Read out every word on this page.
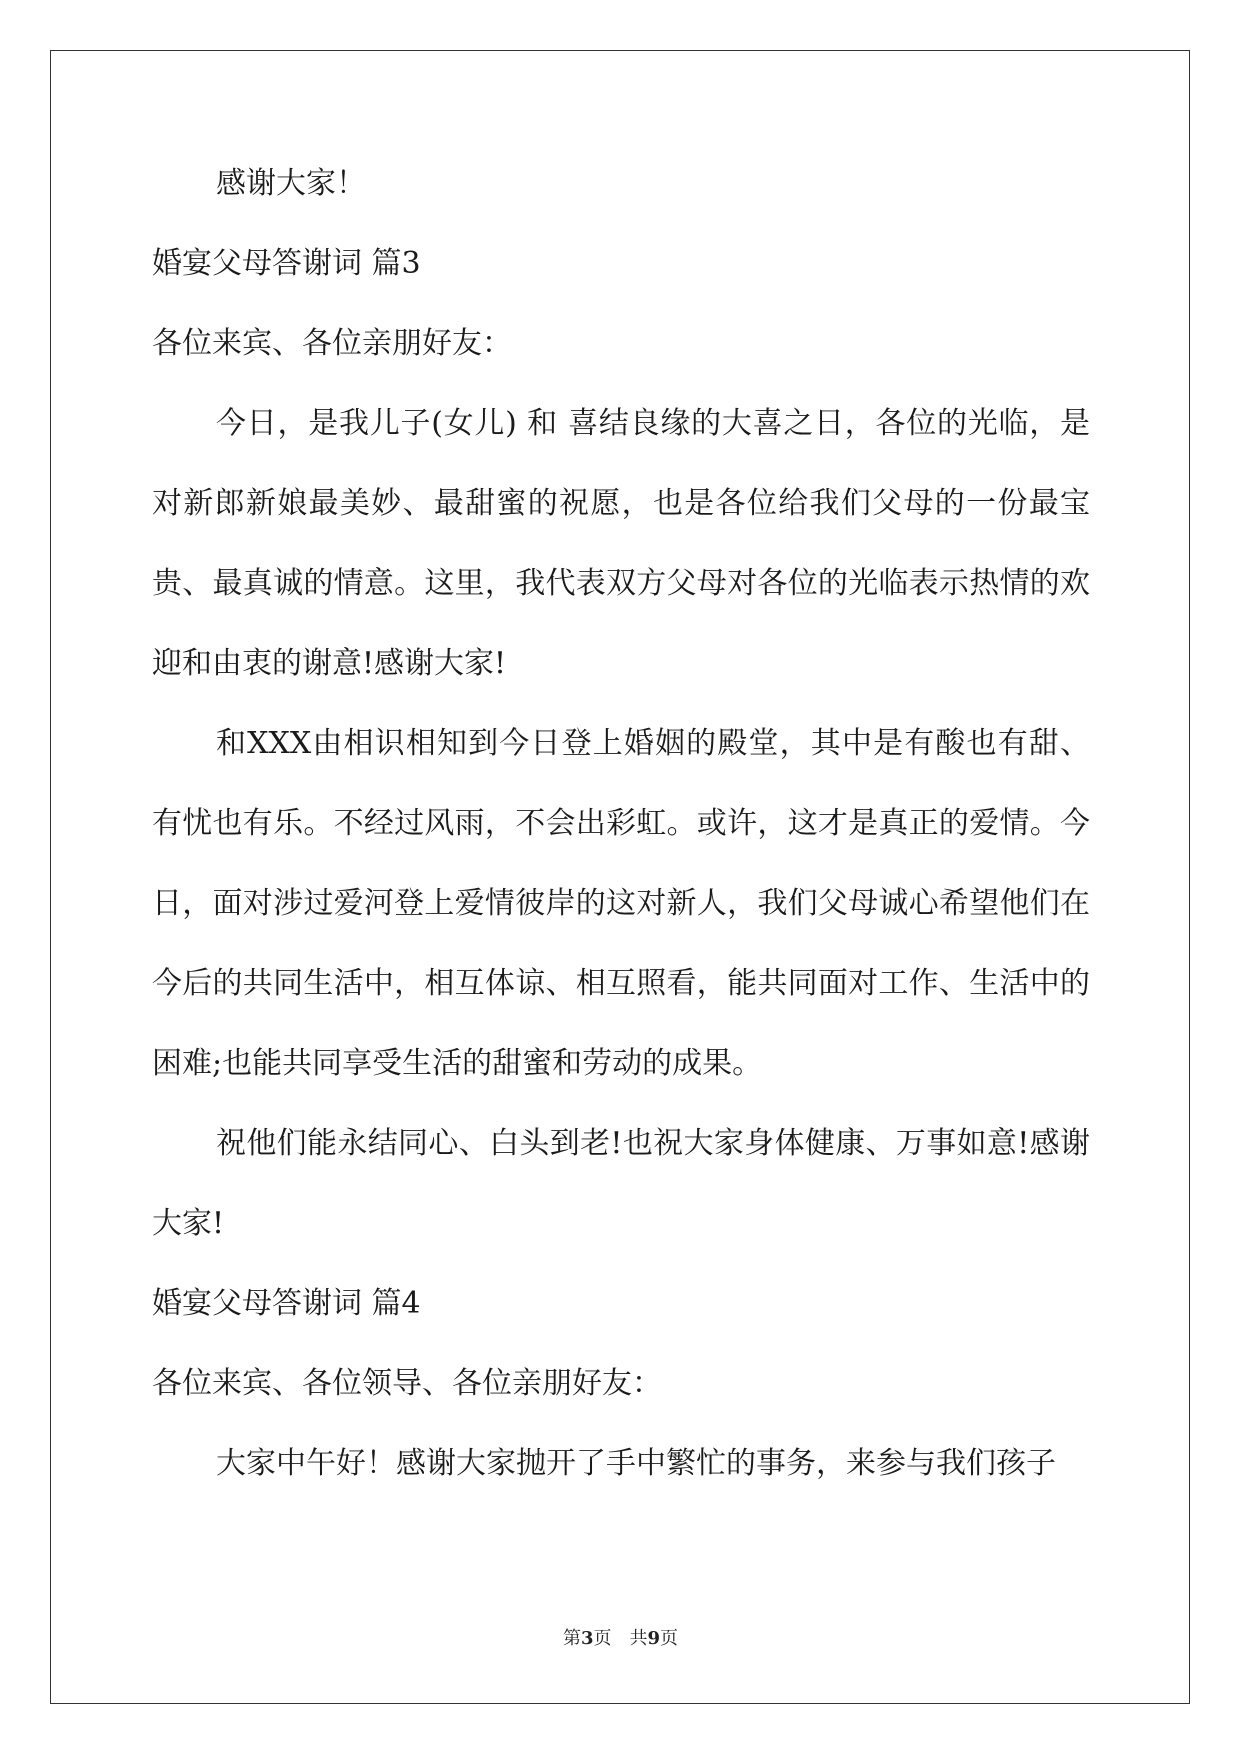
感谢大家！

婚宴父母答谢词 篇3

各位来宾、各位亲朋好友：

今日，是我儿子(女儿) 和 喜结良缘的大喜之日，各位的光临，是对新郎新娘最美妙、最甜蜜的祝愿，也是各位给我们父母的一份最宝贵、最真诚的情意。这里，我代表双方父母对各位的光临表示热情的欢迎和由衷的谢意!感谢大家!

和XXX由相识相知到今日登上婚姻的殿堂，其中是有酸也有甜、有忧也有乐。不经过风雨，不会出彩虹。或许，这才是真正的爱情。今日，面对涉过爱河登上爱情彼岸的这对新人，我们父母诚心希望他们在今后的共同生活中，相互体谅、相互照看，能共同面对工作、生活中的困难;也能共同享受生活的甜蜜和劳动的成果。

祝他们能永结同心、白头到老!也祝大家身体健康、万事如意!感谢大家!

婚宴父母答谢词 篇4

各位来宾、各位领导、各位亲朋好友：

大家中午好！感谢大家抛开了手中繁忙的事务，来参与我们孩子

第3页　共9页
